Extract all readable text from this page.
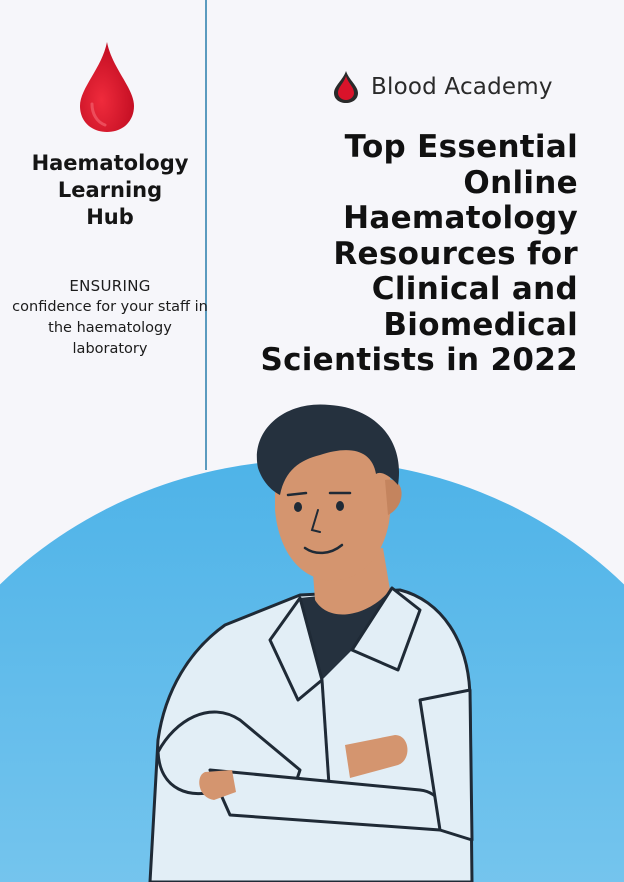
Haematology
Learning
Hub
ENSURING
confidence for your staff in the haematology laboratory
Blood Academy
Top Essential Online Haematology Resources for Clinical and Biomedical Scientists in 2022
